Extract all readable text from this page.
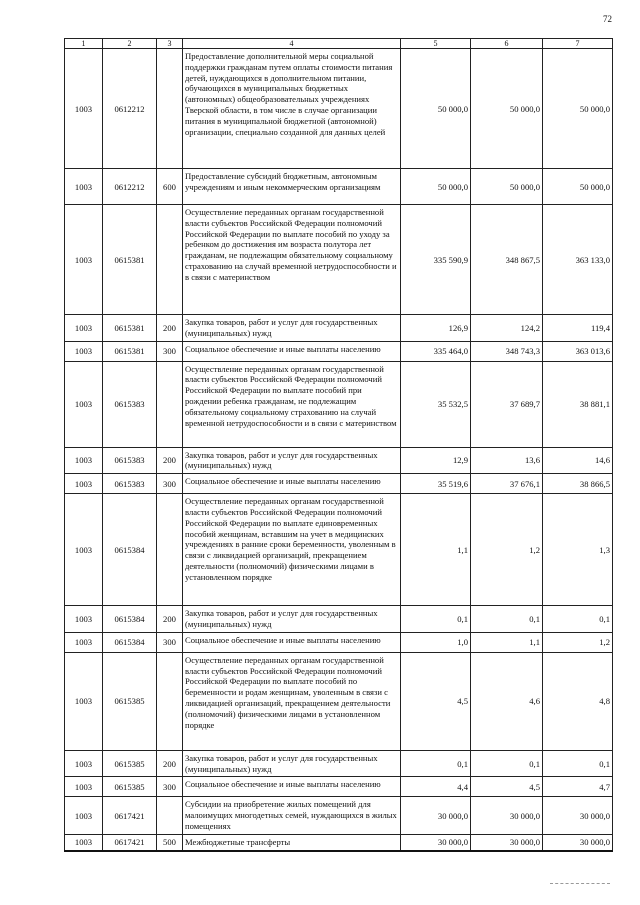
72
1	2	3	4	5	6	7
1003	0612212		Предоставление дополнительной меры социальной поддержки гражданам путем оплаты стоимости питания детей, нуждающихся в дополнительном питании, обучающихся в муниципальных бюджетных (автономных) общеобразовательных учреждениях Тверской области, в том числе в случае организации питания в муниципальной бюджетной (автономной) организации, специально созданной для данных целей	50 000,0	50 000,0	50 000,0
1003	0612212	600	Предоставление субсидий бюджетным, автономным учреждениям и иным некоммерческим организациям	50 000,0	50 000,0	50 000,0
1003	0615381		Осуществление переданных органам государственной власти субъектов Российской Федерации полномочий Российской Федерации по выплате пособий по уходу за ребенком до достижения им возраста полутора лет гражданам, не подлежащим обязательному социальному страхованию на случай временной нетрудоспособности и в связи с материнством	335 590,9	348 867,5	363 133,0
1003	0615381	200	Закупка товаров, работ и услуг для государственных (муниципальных) нужд	126,9	124,2	119,4
1003	0615381	300	Социальное обеспечение и иные выплаты населению	335 464,0	348 743,3	363 013,6
1003	0615383		Осуществление переданных органам государственной власти субъектов Российской Федерации полномочий Российской Федерации по выплате пособий при рождении ребенка гражданам, не подлежащим обязательному социальному страхованию на случай временной нетрудоспособности и в связи с материнством	35 532,5	37 689,7	38 881,1
1003	0615383	200	Закупка товаров, работ и услуг для государственных (муниципальных) нужд	12,9	13,6	14,6
1003	0615383	300	Социальное обеспечение и иные выплаты населению	35 519,6	37 676,1	38 866,5
1003	0615384		Осуществление переданных органам государственной власти субъектов Российской Федерации полномочий Российской Федерации по выплате единовременных пособий женщинам, вставшим на учет в медицинских учреждениях в ранние сроки беременности, уволенным в связи с ликвидацией организаций, прекращением деятельности (полномочий) физическими лицами в установленном порядке	1,1	1,2	1,3
1003	0615384	200	Закупка товаров, работ и услуг для государственных (муниципальных) нужд	0,1	0,1	0,1
1003	0615384	300	Социальное обеспечение и иные выплаты населению	1,0	1,1	1,2
1003	0615385		Осуществление переданных органам государственной власти субъектов Российской Федерации полномочий Российской Федерации по выплате пособий по беременности и родам женщинам, уволенным в связи с ликвидацией организаций, прекращением деятельности (полномочий) физическими лицами в установленном порядке	4,5	4,6	4,8
1003	0615385	200	Закупка товаров, работ и услуг для государственных (муниципальных) нужд	0,1	0,1	0,1
1003	0615385	300	Социальное обеспечение и иные выплаты населению	4,4	4,5	4,7
1003	0617421		Субсидии на приобретение жилых помещений для малоимущих многодетных семей, нуждающихся в жилых помещениях	30 000,0	30 000,0	30 000,0
1003	0617421	500	Межбюджетные трансферты	30 000,0	30 000,0	30 000,0
